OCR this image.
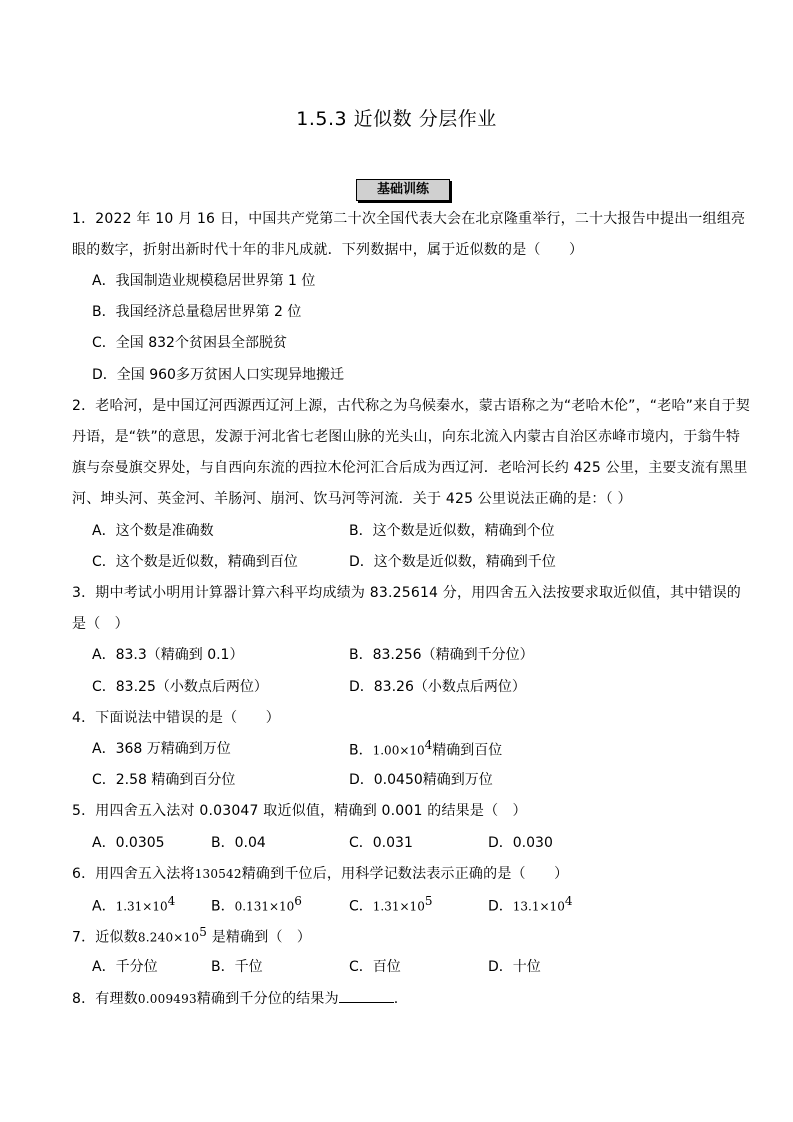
1.5.3 近似数 分层作业
基础训练
1．2022 年 10 月 16 日，中国共产党第二十次全国代表大会在北京隆重举行，二十大报告中提出一组组亮
眼的数字，折射出新时代十年的非凡成就．下列数据中，属于近似数的是（　　）
A．我国制造业规模稳居世界第 1 位
B．我国经济总量稳居世界第 2 位
C．全国 832个贫困县全部脱贫
D．全国 960多万贫困人口实现异地搬迁
2．老哈河，是中国辽河西源西辽河上源，古代称之为乌候秦水，蒙古语称之为“老哈木伦”，“老哈”来自于契
丹语，是“铁”的意思，发源于河北省七老图山脉的光头山，向东北流入内蒙古自治区赤峰市境内，于翁牛特
旗与奈曼旗交界处，与自西向东流的西拉木伦河汇合后成为西辽河．老哈河长约 425 公里，主要支流有黑里
河、坤头河、英金河、羊肠河、崩河、饮马河等河流．关于 425 公里说法正确的是：（ ）
A．这个数是准确数	B．这个数是近似数，精确到个位
C．这个数是近似数，精确到百位	D．这个数是近似数，精确到千位
3．期中考试小明用计算器计算六科平均成绩为 83.25614 分，用四舍五入法按要求取近似值，其中错误的
是（　）
A．83.3（精确到 0.1）	B．83.256（精确到千分位）
C．83.25（小数点后两位）	D．83.26（小数点后两位）
4．下面说法中错误的是（　　）
A．368 万精确到万位	B．$1.00\times 10^4$精确到百位
C．2.58 精确到百分位	D．0.0450精确到万位
5．用四舍五入法对 0.03047 取近似值，精确到 0.001 的结果是（　）
A．0.0305	B．0.04	C．0.031	D．0.030
6．用四舍五入法将130542精确到千位后，用科学记数法表示正确的是（　　）
A．$1.31\times 10^4$	B．$0.131\times 10^6$	C．$1.31\times 10^5$	D．$13.1\times 10^4$
7．近似数$8.240\times 10^5$ 是精确到（　）
A．千分位	B．千位	C．百位	D．十位
8．有理数0.009493精确到千分位的结果为	.
